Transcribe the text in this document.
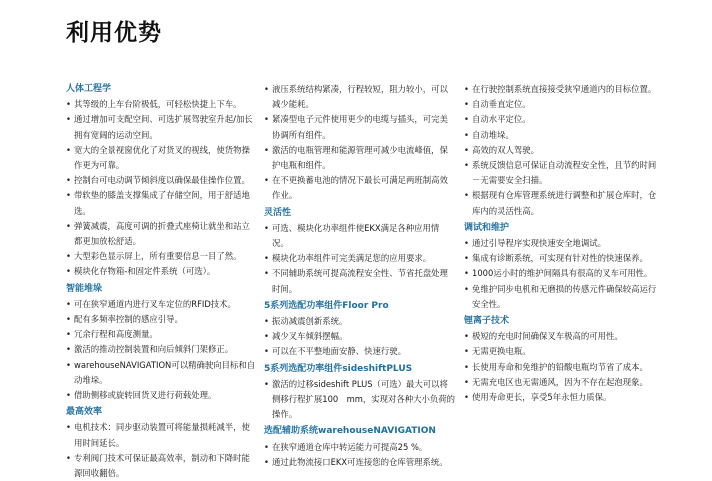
利用优势
人体工程学
• 其等级的上车台阶极低，可轻松快捷上下车。
• 通过增加可支配空间、可选扩展驾驶室升起/加长拥有宽阔的运动空间。
• 宽大的全景视窗优化了对货叉的视线，使货物操作更为可靠。
• 控制台可电动调节倾斜度以确保最佳操作位置。
• 带软垫的膝盖支撑集成了存储空间，用于舒适地选。
• 弹簧减震，高度可调的折叠式座椅让就坐和站立都更加放松舒适。
• 大型彩色显示屏上，所有重要信息一目了然。
• 模块化存物箱-和固定件系统（可选）。
智能堆垛
• 可在狭窄通道内进行叉车定位的RFID技术。
• 配有多频率控制的感应引导。
• 冗余行程和高度测量。
• 激活的推动控制装置和向后倾斜门架修正。
• warehouseNAVIGATION可以精确驶向目标和自动堆垛。
• 借助侧移或旋转回货叉进行荷载处理。
最高效率
• 电机技术：同步驱动装置可将能量损耗减半，使用时间延长。
• 专利阀门技术可保证最高效率，制动和下降时能源回收翻倍。
• 液压系统结构紧凑，行程较短，阻力较小，可以减少能耗。
• 紧凑型电子元件使用更少的电缆与插头，可完美协调所有组件。
• 激活的电瓶管理和能源管理可减少电流峰值，保护电瓶和组件。
• 在不更换蓄电池的情况下最长可满足两班制高效作业。
灵活性
• 可选、模块化功率组件使EKX满足各种应用情况。
• 模块化功率组件可完美满足您的应用要求。
• 不同辅助系统可提高流程安全性、节省托盘处理时间。
5系列选配功率组件Floor Pro
• 振动减震创新系统。
• 减少叉车倾斜摆幅。
• 可以在不平整地面安静、快速行驶。
5系列选配功率组件sideshiftPLUS
• 激活的过移sideshift PLUS（可选）最大可以将侧移行程扩展100　mm，实现对各种大小负荷的操作。
选配辅助系统warehouseNAVIGATION
• 在狭窄通道仓库中转运能力可提高25 %。
• 通过此物流接口EKX可连接您的仓库管理系统。
• 在行驶控制系统直接接受狭窄通道内的目标位置。
• 自动垂直定位。
• 自动水平定位。
• 自动堆垛。
• 高效的双人驾驶。
• 系统反馈信息可保证自动流程安全性，且节约时间－无需要安全扫描。
• 根据现有仓库管理系统进行调整和扩展仓库时，仓库内的灵活性高。
调试和维护
• 通过引导程序实现快速安全地调试。
• 集成有诊断系统，可实现有针对性的快速保养。
• 1000运小时的维护间隔具有很高的叉车可用性。
• 免维护同步电机和无磨损的传感元件确保较高运行安全性。
锂离子技术
• 极短的充电时间确保叉车极高的可用性。
• 无需更换电瓶。
• 长使用寿命和免维护的铅酸电瓶均节省了成本。
• 无需充电区也无需通风，因为不存在起泡现象。
• 使用寿命更长，享受5年永恒力质保。
